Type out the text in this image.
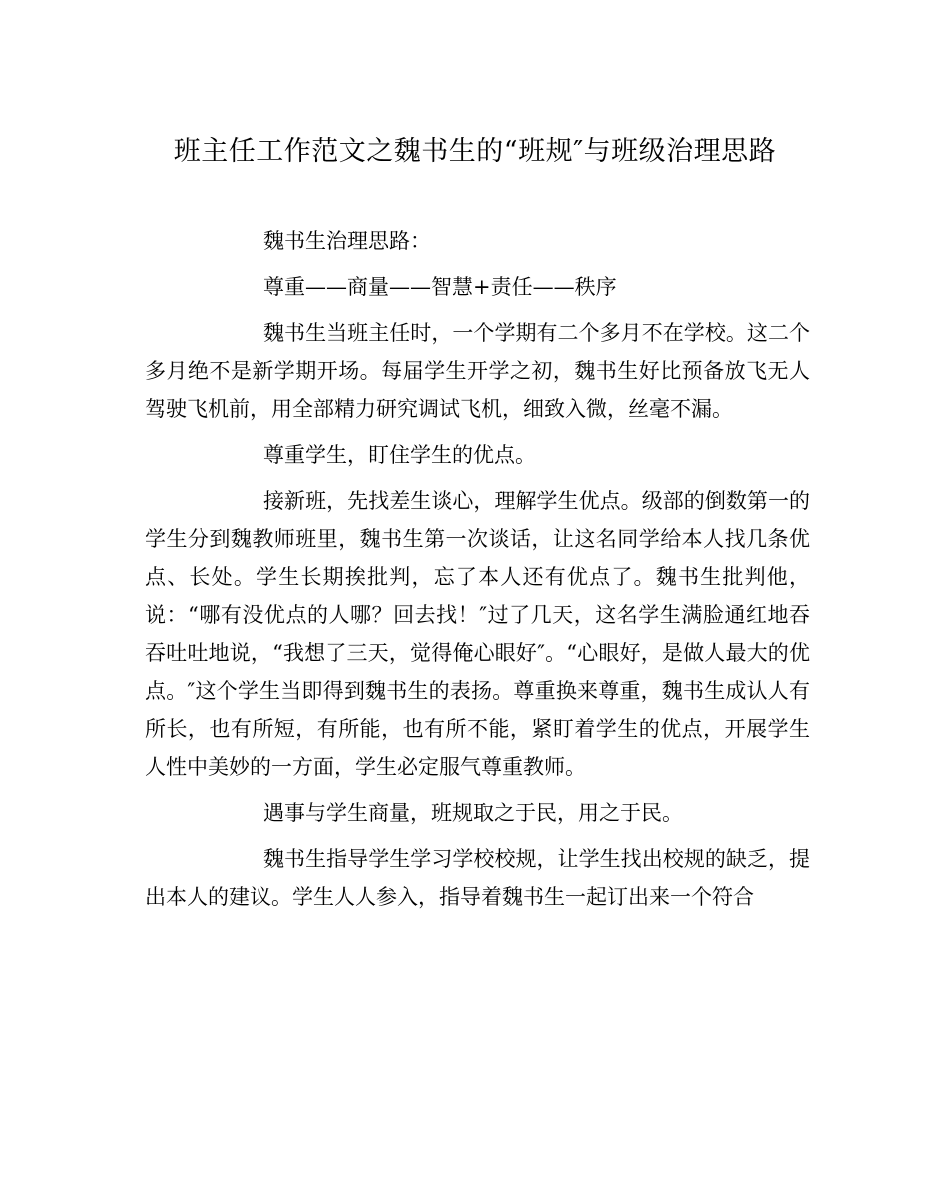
班主任工作范文之魏书生的“班规″与班级治理思路

魏书生治理思路：

尊重——商量——智慧+责任——秩序

魏书生当班主任时，一个学期有二个多月不在学校。这二个多月绝不是新学期开场。每届学生开学之初，魏书生好比预备放飞无人驾驶飞机前，用全部精力研究调试飞机，细致入微，丝毫不漏。

尊重学生，盯住学生的优点。

接新班，先找差生谈心，理解学生优点。级部的倒数第一的学生分到魏教师班里，魏书生第一次谈话，让这名同学给本人找几条优点、长处。学生长期挨批判，忘了本人还有优点了。魏书生批判他，说：“哪有没优点的人哪？回去找！″过了几天，这名学生满脸通红地吞吞吐吐地说，“我想了三天，觉得俺心眼好″。“心眼好，是做人最大的优点。″这个学生当即得到魏书生的表扬。尊重换来尊重，魏书生成认人有所长，也有所短，有所能，也有所不能，紧盯着学生的优点，开展学生人性中美妙的一方面，学生必定服气尊重教师。

遇事与学生商量，班规取之于民，用之于民。

魏书生指导学生学习学校校规，让学生找出校规的缺乏，提出本人的建议。学生人人参入，指导着魏书生一起订出来一个符合
